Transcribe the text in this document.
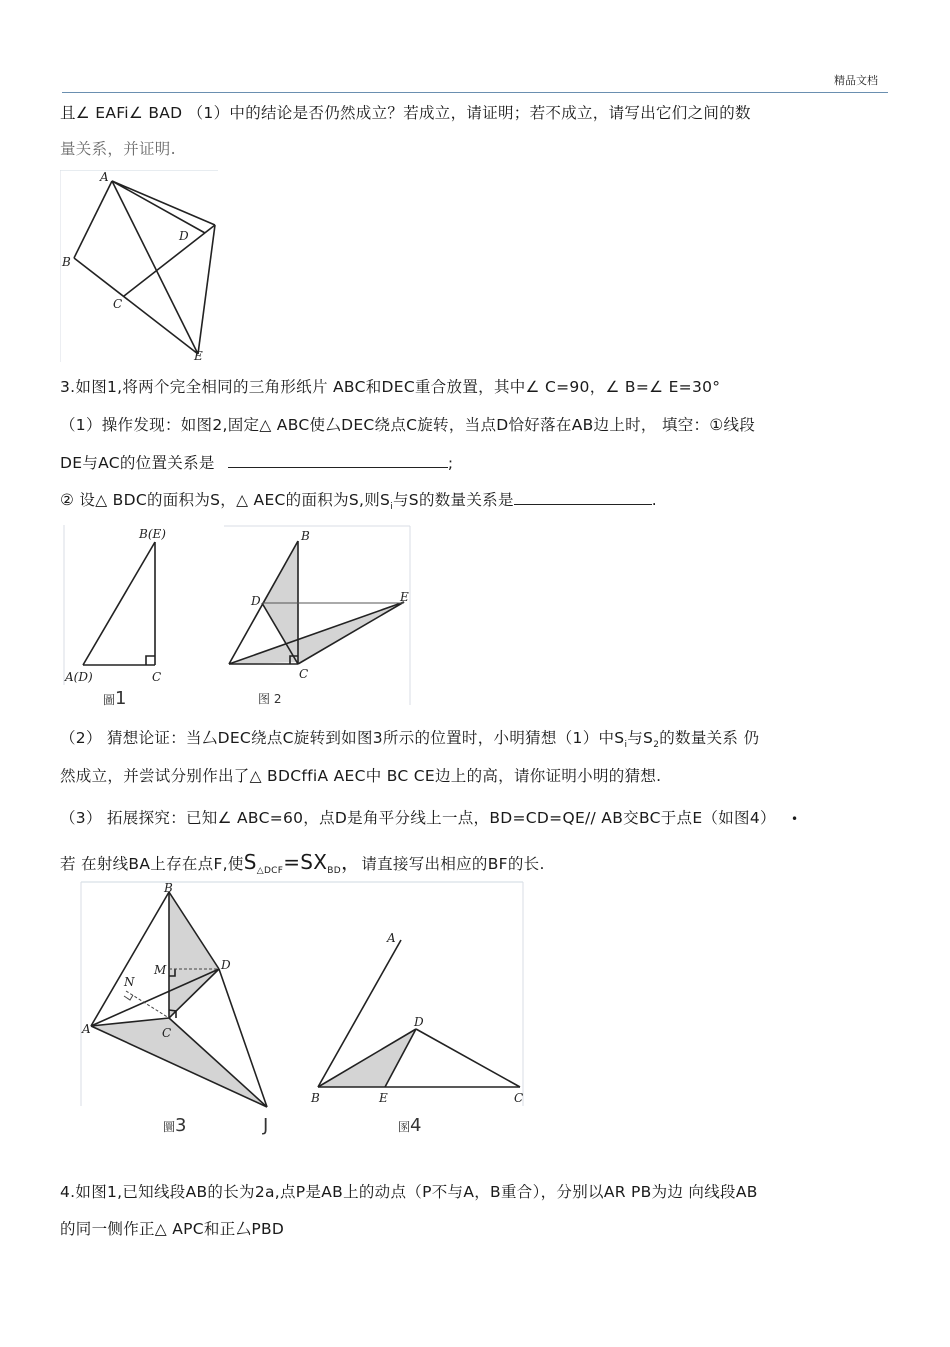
精品文档
且∠ EAFi∠ BAD （1）中的结论是否仍然成立？若成立，请证明；若不成立，请写出它们之间的数
量关系，并证明.
A
D
B
C
E
3.如图1,将两个完全相同的三角形纸片 ABC和DEC重合放置，其中∠ C=90，∠ B=∠ E=30°
（1）操作发现：如图2,固定△ ABC使厶DEC绕点C旋转，当点D恰好落在AB边上时， 填空：①线段
DE与AC的位置关系是	;
② 设△ BDC的面积为S，△ AEC的面积为S,则$S_i$与S的数量关系是	.
B(E)
A(D)	C
圖1
B
D	E
C
图 2
（2） 猜想论证：当厶DEC绕点C旋转到如图3所示的位置时，小明猜想（1）中$S_i$与$S_2$的数量关系 仍
然成立，并尝试分别作出了△ BDCffiA AEC中 BC CE边上的高，请你证明小明的猜想.
（3） 拓展探究：已知∠ ABC=60，点D是角平分线上一点，BD=CD=QE// AB交BC于点E（如图4） •
若 在射线BA上存在点F,使$S_{\triangle DCF}=SX_{BD}$，请直接写出相应的BF的长.
B
M	D
N
A	C
A
D
B	E	C
圜3	J	圂4
4.如图1,已知线段AB的长为2a,点P是AB上的动点（P不与A，B重合），分别以AR PB为边 向线段AB
的同一侧作正△ APC和正厶PBD
